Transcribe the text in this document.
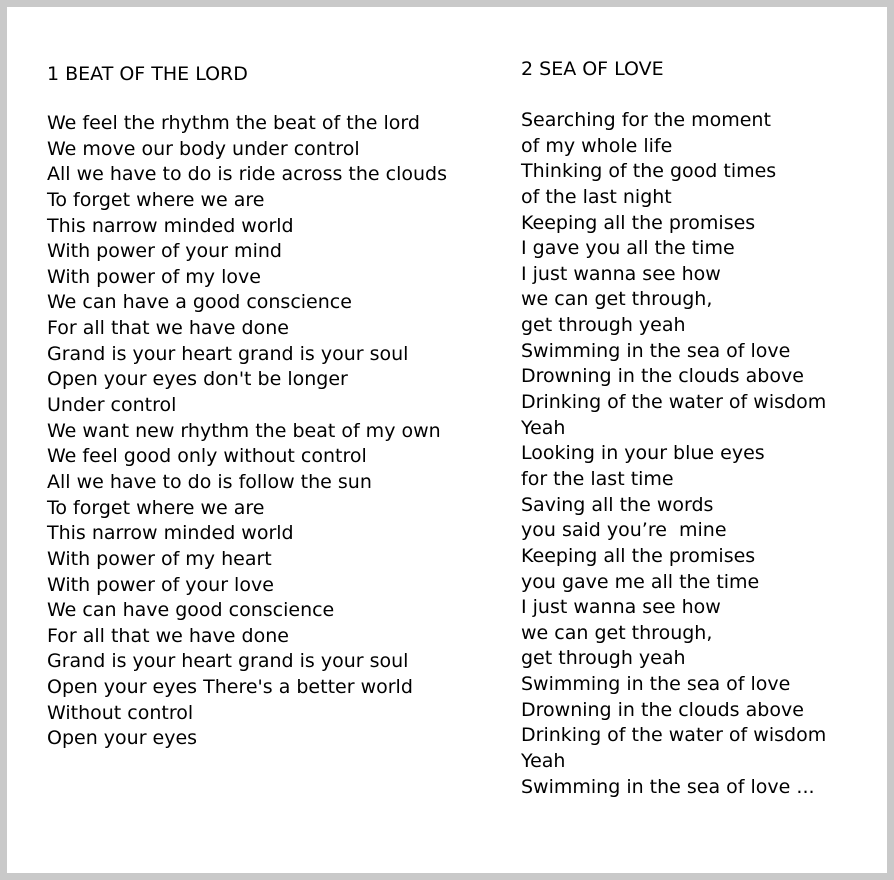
1 BEAT OF THE LORD
We feel the rhythm the beat of the lord
We move our body under control
All we have to do is ride across the clouds
To forget where we are
This narrow minded world
With power of your mind
With power of my love
We can have a good conscience
For all that we have done
Grand is your heart grand is your soul
Open your eyes don't be longer
Under control
We want new rhythm the beat of my own
We feel good only without control
All we have to do is follow the sun
To forget where we are
This narrow minded world
With power of my heart
With power of your love
We can have good conscience
For all that we have done
Grand is your heart grand is your soul
Open your eyes There's a better world
Without control
Open your eyes
2 SEA OF LOVE
Searching for the moment
of my whole life
Thinking of the good times
of the last night
Keeping all the promises
I gave you all the time
I just wanna see how
we can get through,
get through yeah
Swimming in the sea of love
Drowning in the clouds above
Drinking of the water of wisdom
Yeah
Looking in your blue eyes
for the last time
Saving all the words
you said you’re  mine
Keeping all the promises
you gave me all the time
I just wanna see how
we can get through,
get through yeah
Swimming in the sea of love
Drowning in the clouds above
Drinking of the water of wisdom
Yeah
Swimming in the sea of love ...
